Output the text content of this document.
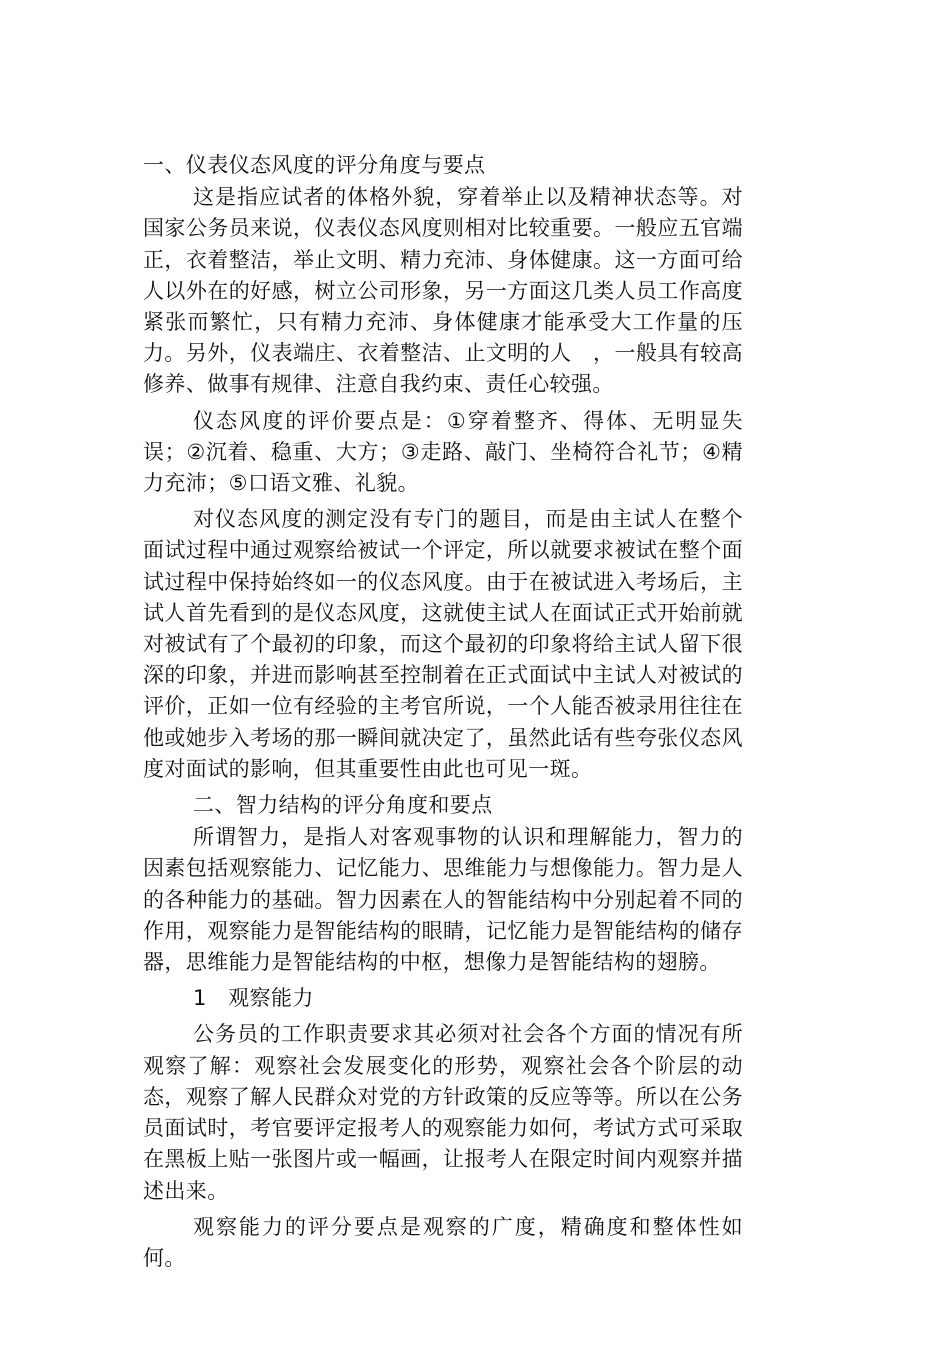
一、仪表仪态风度的评分角度与要点
这是指应试者的体格外貌，穿着举止以及精神状态等。对国家公务员来说，仪表仪态风度则相对比较重要。一般应五官端正，衣着整洁，举止文明、精力充沛、身体健康。这一方面可给人以外在的好感，树立公司形象，另一方面这几类人员工作高度紧张而繁忙，只有精力充沛、身体健康才能承受大工作量的压力。另外，仪表端庄、衣着整洁、止文明的人　，一般具有较高修养、做事有规律、注意自我约束、责任心较强。
仪态风度的评价要点是：①穿着整齐、得体、无明显失误；②沉着、稳重、大方；③走路、敲门、坐椅符合礼节；④精力充沛；⑤口语文雅、礼貌。
对仪态风度的测定没有专门的题目，而是由主试人在整个面试过程中通过观察给被试一个评定，所以就要求被试在整个面试过程中保持始终如一的仪态风度。由于在被试进入考场后，主试人首先看到的是仪态风度，这就使主试人在面试正式开始前就对被试有了个最初的印象，而这个最初的印象将给主试人留下很深的印象，并进而影响甚至控制着在正式面试中主试人对被试的评价，正如一位有经验的主考官所说，一个人能否被录用往往在他或她步入考场的那一瞬间就决定了，虽然此话有些夸张仪态风度对面试的影响，但其重要性由此也可见一斑。
二、智力结构的评分角度和要点
所谓智力，是指人对客观事物的认识和理解能力，智力的因素包括观察能力、记忆能力、思维能力与想像能力。智力是人的各种能力的基础。智力因素在人的智能结构中分别起着不同的作用，观察能力是智能结构的眼睛，记忆能力是智能结构的储存器，思维能力是智能结构的中枢，想像力是智能结构的翅膀。
1　观察能力
公务员的工作职责要求其必须对社会各个方面的情况有所观察了解：观察社会发展变化的形势，观察社会各个阶层的动态，观察了解人民群众对党的方针政策的反应等等。所以在公务员面试时，考官要评定报考人的观察能力如何，考试方式可采取在黑板上贴一张图片或一幅画，让报考人在限定时间内观察并描述出来。
观察能力的评分要点是观察的广度，精确度和整体性如何。
